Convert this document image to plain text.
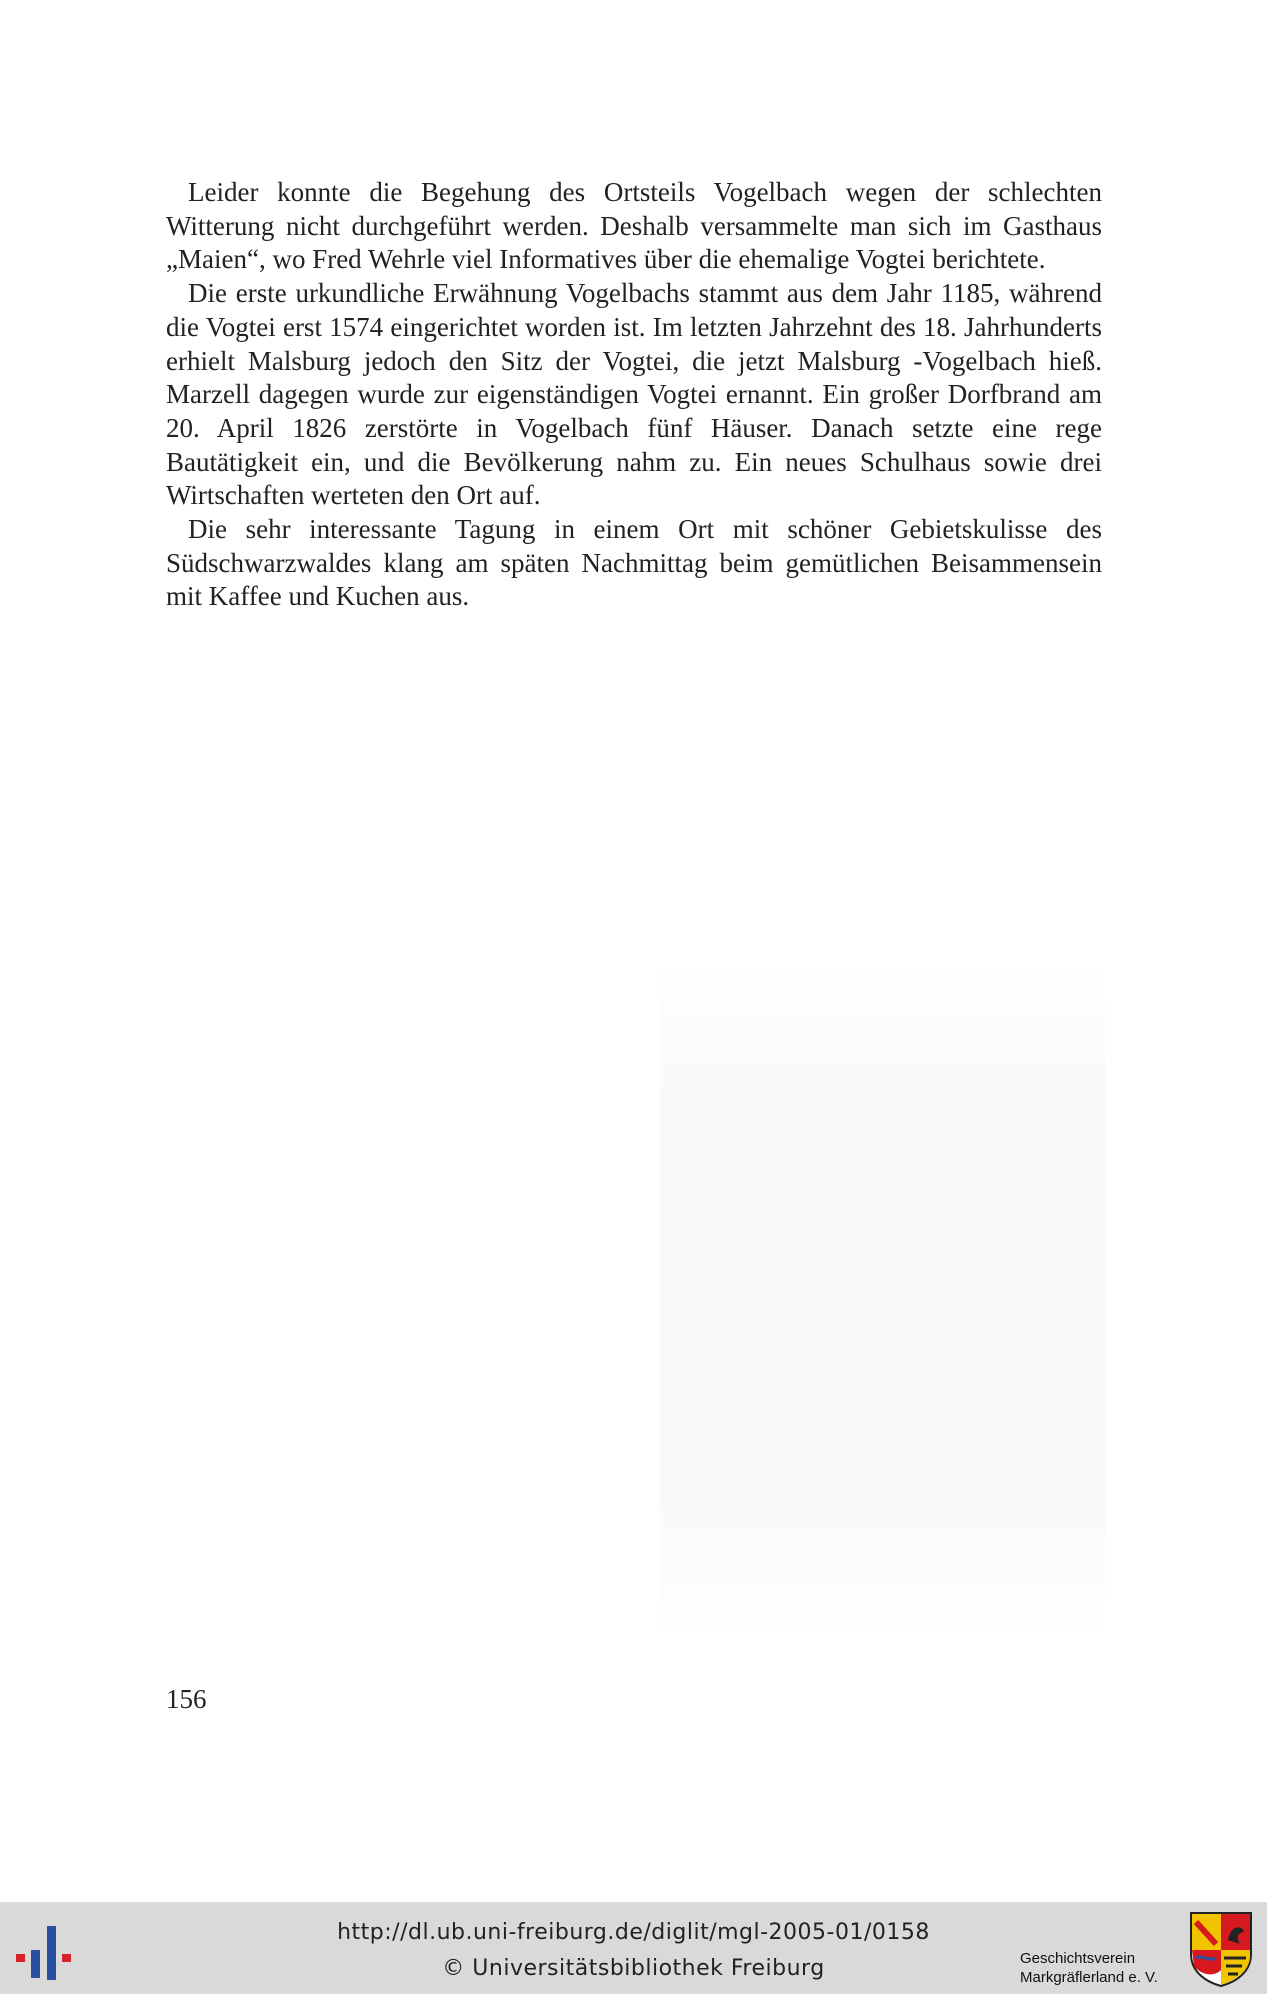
Leider konnte die Begehung des Ortsteils Vogelbach wegen der schlechten Witterung nicht durchgeführt werden. Deshalb versammelte man sich im Gasthaus „Maien“, wo Fred Wehrle viel Informatives über die ehemalige Vogtei berichtete.

Die erste urkundliche Erwähnung Vogelbachs stammt aus dem Jahr 1185, während die Vogtei erst 1574 eingerichtet worden ist. Im letzten Jahrzehnt des 18. Jahrhunderts erhielt Malsburg jedoch den Sitz der Vogtei, die jetzt Malsburg -Vogelbach hieß. Marzell dagegen wurde zur eigenständigen Vogtei ernannt. Ein großer Dorfbrand am 20. April 1826 zerstörte in Vogelbach fünf Häuser. Danach setzte eine rege Bautätigkeit ein, und die Bevölkerung nahm zu. Ein neues Schulhaus sowie drei Wirtschaften werteten den Ort auf.

Die sehr interessante Tagung in einem Ort mit schöner Gebietskulisse des Südschwarzwaldes klang am späten Nachmittag beim gemütlichen Beisammensein mit Kaffee und Kuchen aus.

156
http://dl.ub.uni-freiburg.de/diglit/mgl-2005-01/0158
© Universitätsbibliothek Freiburg	Geschichtsverein
Markgräflerland e. V.
